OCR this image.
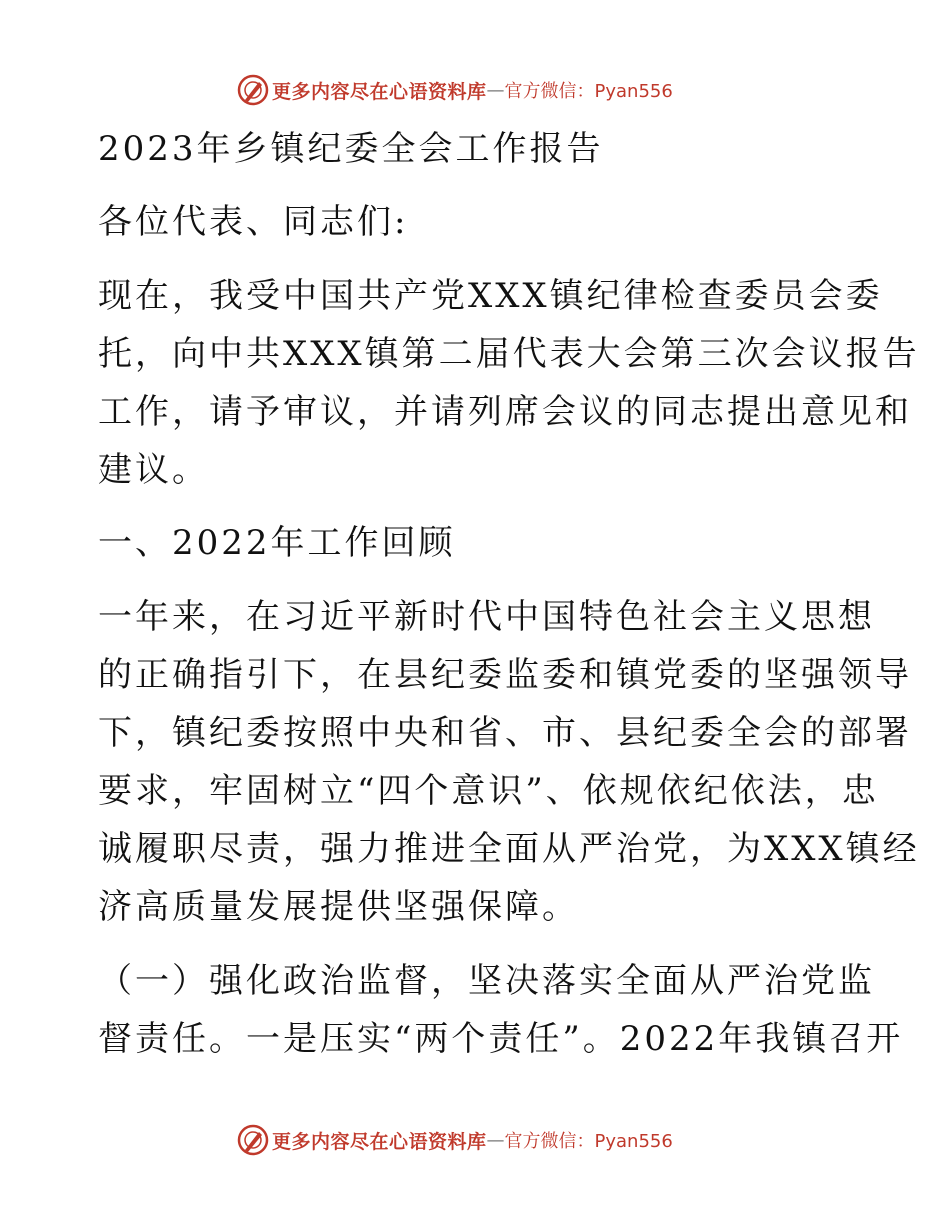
更多内容尽在心语资料库 — 官方微信：Pyan556
2023年乡镇纪委全会工作报告
各位代表、同志们:
现在，我受中国共产党XXX镇纪律检查委员会委
托，向中共XXX镇第二届代表大会第三次会议报告
工作，请予审议，并请列席会议的同志提出意见和
建议。
一、2022年工作回顾
一年来，在习近平新时代中国特色社会主义思想
的正确指引下，在县纪委监委和镇党委的坚强领导
下，镇纪委按照中央和省、市、县纪委全会的部署
要求，牢固树立“四个意识”、依规依纪依法，忠
诚履职尽责，强力推进全面从严治党，为XXX镇经
济高质量发展提供坚强保障。
（一）强化政治监督，坚决落实全面从严治党监
督责任。一是压实“两个责任”。2022年我镇召开
更多内容尽在心语资料库 — 官方微信：Pyan556
